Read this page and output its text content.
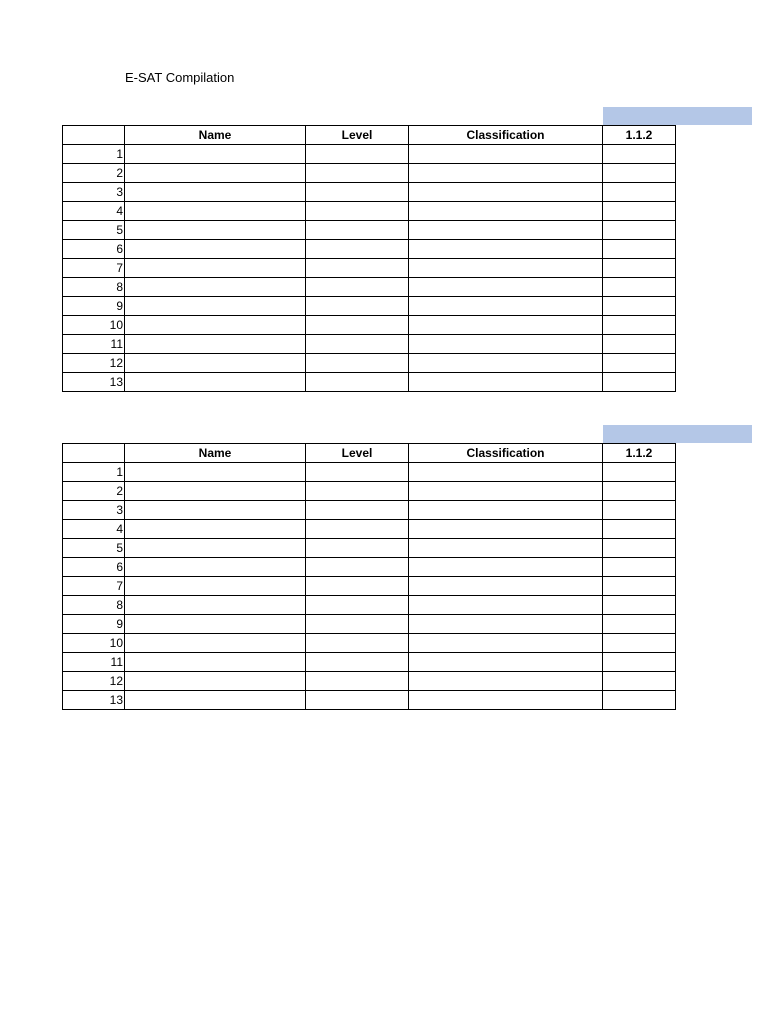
E-SAT Compilation
	Name	Level	Classification	1.1.2
1				
2				
3				
4				
5				
6				
7				
8				
9				
10				
11				
12				
13				
	Name	Level	Classification	1.1.2
1				
2				
3				
4				
5				
6				
7				
8				
9				
10				
11				
12				
13				
